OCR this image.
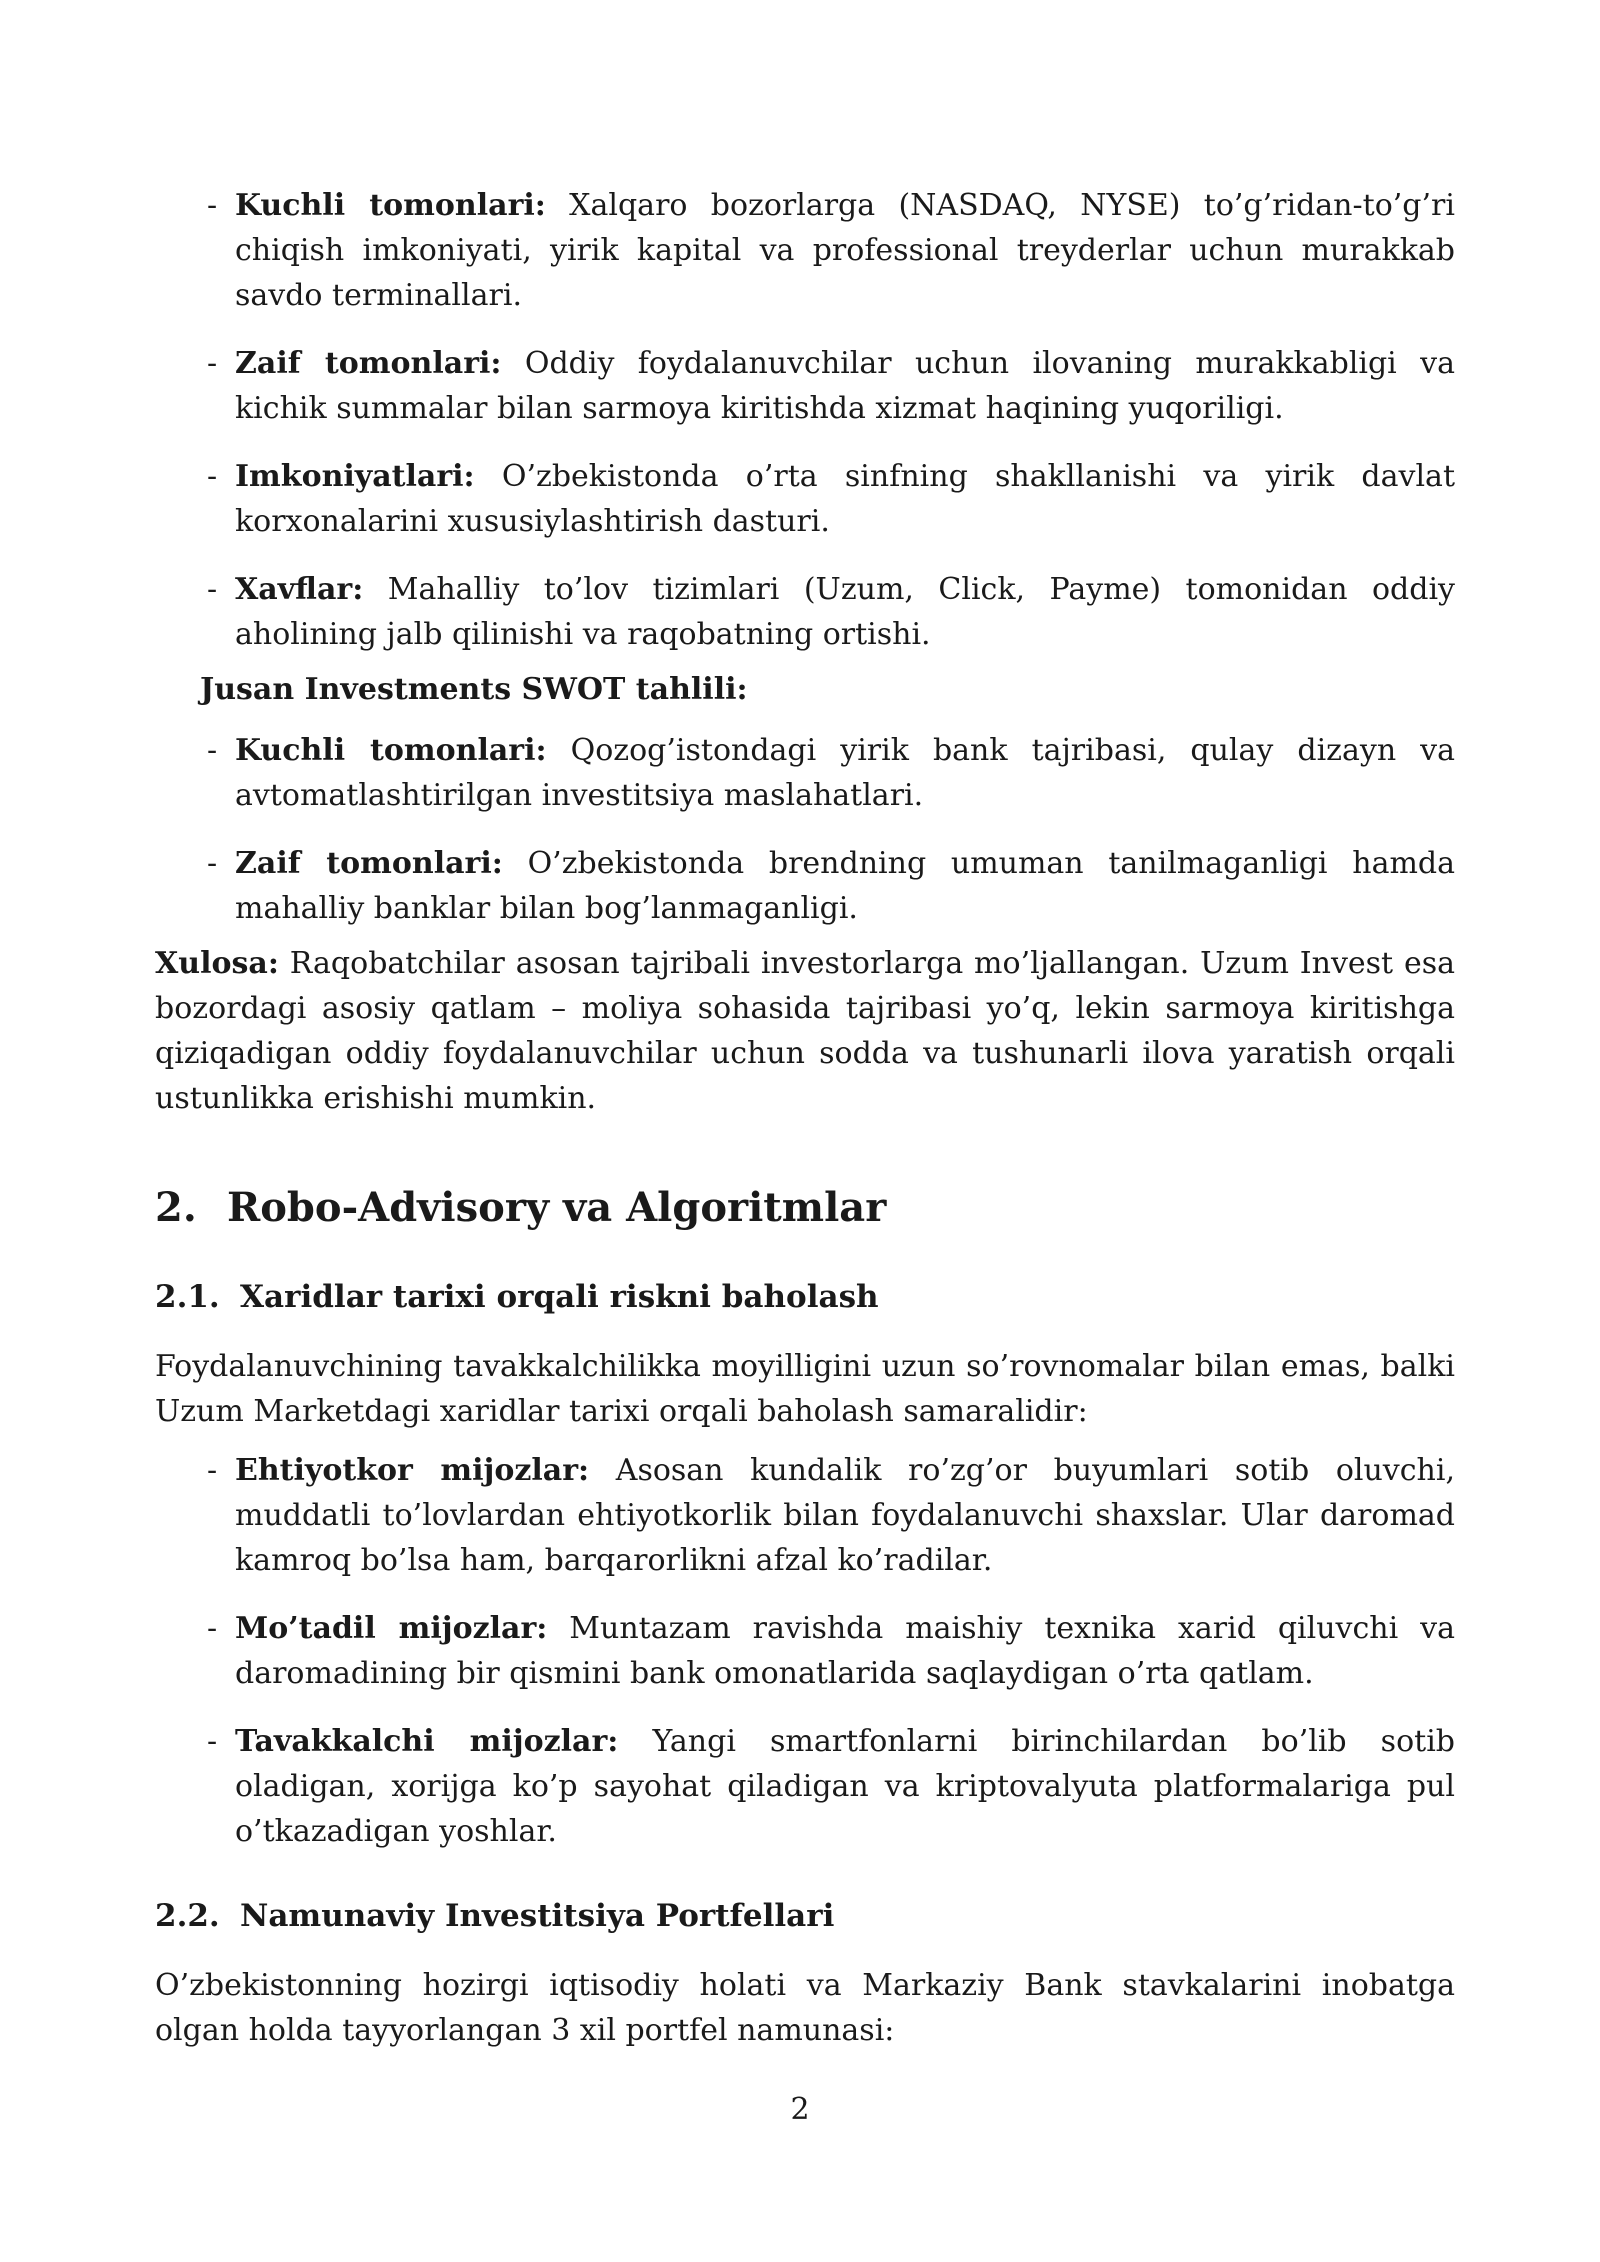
- Kuchli tomonlari: Xalqaro bozorlarga (NASDAQ, NYSE) to’g’ridan-to’g’ri chiqish imkoniyati, yirik kapital va professional treyderlar uchun murakkab savdo terminallari.
- Zaif tomonlari: Oddiy foydalanuvchilar uchun ilovaning murakkabligi va kichik summalar bilan sarmoya kiritishda xizmat haqining yuqoriligi.
- Imkoniyatlari: O’zbekistonda o’rta sinfning shakllanishi va yirik davlat korxonalarini xususiylashtirish dasturi.
- Xavflar: Mahalliy to’lov tizimlari (Uzum, Click, Payme) tomonidan oddiy aholining jalb qilinishi va raqobatning ortishi.

Jusan Investments SWOT tahlili:

- Kuchli tomonlari: Qozog’istondagi yirik bank tajribasi, qulay dizayn va avtomatlashtirilgan investitsiya maslahatlari.
- Zaif tomonlari: O’zbekistonda brendning umuman tanilmaganligi hamda mahalliy banklar bilan bog’lanmaganligi.

Xulosa: Raqobatchilar asosan tajribali investorlarga mo’ljallangan. Uzum Invest esa bozordagi asosiy qatlam – moliya sohasida tajribasi yo’q, lekin sarmoya kiritishga qiziqadigan oddiy foydalanuvchilar uchun sodda va tushunarli ilova yaratish orqali ustunlikka erishishi mumkin.

2. Robo-Advisory va Algoritmlar
2.1. Xaridlar tarixi orqali riskni baholash

Foydalanuvchining tavakkalchilikka moyilligini uzun so’rovnomalar bilan emas, balki Uzum Marketdagi xaridlar tarixi orqali baholash samaralidir:

- Ehtiyotkor mijozlar: Asosan kundalik ro’zg’or buyumlari sotib oluvchi, muddatli to’lovlardan ehtiyotkorlik bilan foydalanuvchi shaxslar. Ular daromad kamroq bo’lsa ham, barqarorlikni afzal ko’radilar.
- Mo’tadil mijozlar: Muntazam ravishda maishiy texnika xarid qiluvchi va daromadining bir qismini bank omonatlarida saqlaydigan o’rta qatlam.
- Tavakkalchi mijozlar: Yangi smartfonlarni birinchilardan bo’lib sotib oladigan, xorijga ko’p sayohat qiladigan va kriptovalyuta platformalariga pul o’tkazadigan yoshlar.
2.2. Namunaviy Investitsiya Portfellari

O’zbekistonning hozirgi iqtisodiy holati va Markaziy Bank stavkalarini inobatga olgan holda tayyorlangan 3 xil portfel namunasi:

2
